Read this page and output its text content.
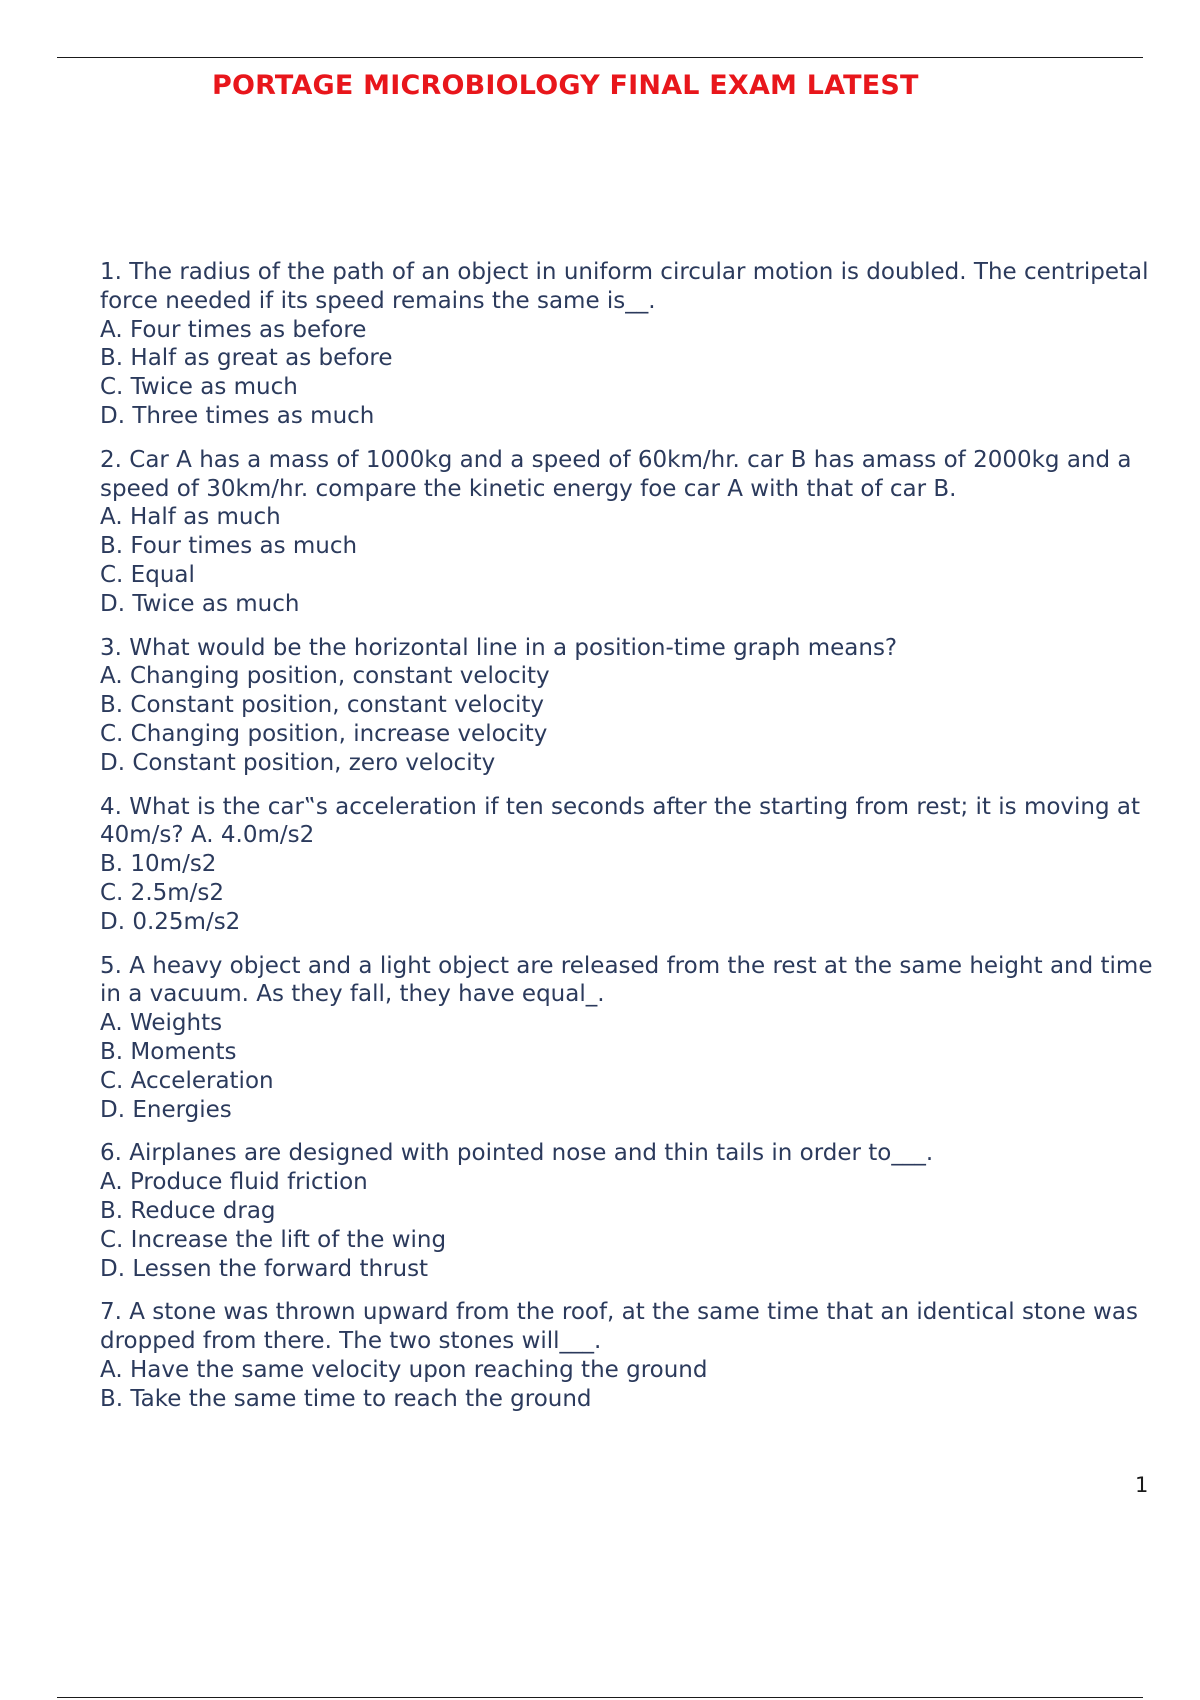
PORTAGE MICROBIOLOGY FINAL EXAM LATEST

1. The radius of the path of an object in uniform circular motion is doubled. The centripetal force needed if its speed remains the same is__.

A. Four times as before
B. Half as great as before
C. Twice as much
D. Three times as much

2. Car A has a mass of 1000kg and a speed of 60km/hr. car B has amass of 2000kg and a speed of 30km/hr. compare the kinetic energy foe car A with that of car B.

A. Half as much
B. Four times as much
C. Equal
D. Twice as much

3. What would be the horizontal line in a position-time graph means?

A. Changing position, constant velocity
B. Constant position, constant velocity
C. Changing position, increase velocity
D. Constant position, zero velocity

4. What is the car‟s acceleration if ten seconds after the starting from rest; it is moving at 40m/s? A. 4.0m/s2

B. 10m/s2
C. 2.5m/s2
D. 0.25m/s2

5. A heavy object and a light object are released from the rest at the same height and time in a vacuum. As they fall, they have equal_.

A. Weights
B. Moments
C. Acceleration
D. Energies

6. Airplanes are designed with pointed nose and thin tails in order to___.

A. Produce fluid friction
B. Reduce drag
C. Increase the lift of the wing
D. Lessen the forward thrust

7. A stone was thrown upward from the roof, at the same time that an identical stone was dropped from there. The two stones will___.

A. Have the same velocity upon reaching the ground
B. Take the same time to reach the ground
1
